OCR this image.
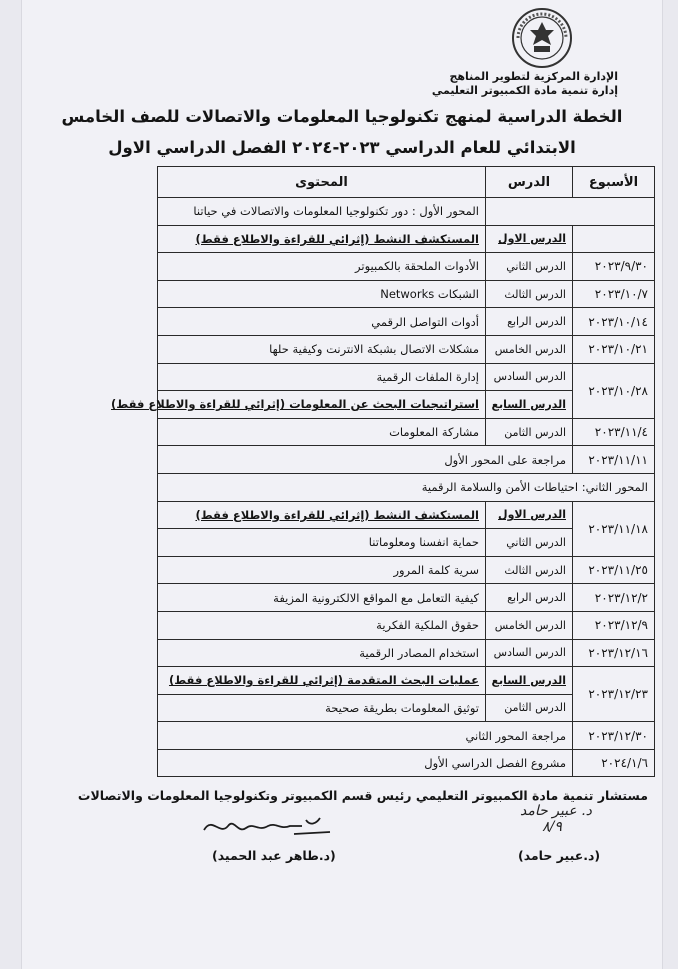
الإدارة المركزية لتطوير المناهج
إدارة تنمية مادة الكمبيوتر التعليمي
الخطة الدراسية لمنهج تكنولوجيا المعلومات والاتصالات للصف الخامس
الابتدائي للعام الدراسي ٢٠٢٣-٢٠٢٤ الفصل الدراسي الاول
الأسبوع	الدرس	المحتوى
		المحور الأول : دور تكنولوجيا المعلومات والاتصالات في حياتنا
	الدرس الاول	المستكشف النشط (إثرائي للقراءة والاطلاع فقط)
٢٠٢٣/٩/٣٠	الدرس الثاني	الأدوات الملحقة بالكمبيوتر
٢٠٢٣/١٠/٧	الدرس الثالث	الشبكات Networks
٢٠٢٣/١٠/١٤	الدرس الرابع	أدوات التواصل الرقمي
٢٠٢٣/١٠/٢١	الدرس الخامس	مشكلات الاتصال بشبكة الانترنت وكيفية حلها
٢٠٢٣/١٠/٢٨	الدرس السادس	إدارة الملفات الرقمية
	الدرس السابع	استراتيجيات البحث عن المعلومات (إثرائي للقراءة والاطلاع فقط)
٢٠٢٣/١١/٤	الدرس الثامن	مشاركة المعلومات
٢٠٢٣/١١/١١	مراجعة على المحور الأول	
المحور الثاني: احتياطات الأمن والسلامة الرقمية		
٢٠٢٣/١١/١٨	الدرس الاول	المستكشف النشط (إثرائي للقراءة والاطلاع فقط)
	الدرس الثاني	حماية انفسنا ومعلوماتنا
٢٠٢٣/١١/٢٥	الدرس الثالث	سرية كلمة المرور
٢٠٢٣/١٢/٢	الدرس الرابع	كيفية التعامل مع المواقع الالكترونية المزيفة
٢٠٢٣/١٢/٩	الدرس الخامس	حقوق الملكية الفكرية
٢٠٢٣/١٢/١٦	الدرس السادس	استخدام المصادر الرقمية
٢٠٢٣/١٢/٢٣	الدرس السابع	عمليات البحث المتقدمة (إثرائي للقراءة والاطلاع فقط)
	الدرس الثامن	توثيق المعلومات بطريقة صحيحة
٢٠٢٣/١٢/٣٠	مراجعة المحور الثاني	
٢٠٢٤/١/٦	مشروع الفصل الدراسي الأول	
مستشار تنمية مادة الكمبيوتر التعليمي رئيس قسم الكمبيوتر وتكنولوجيا المعلومات والاتصالات
د. عبير حامد
٨/٩
(د.طاهر عبد الحميد)	(د.عبير حامد)
